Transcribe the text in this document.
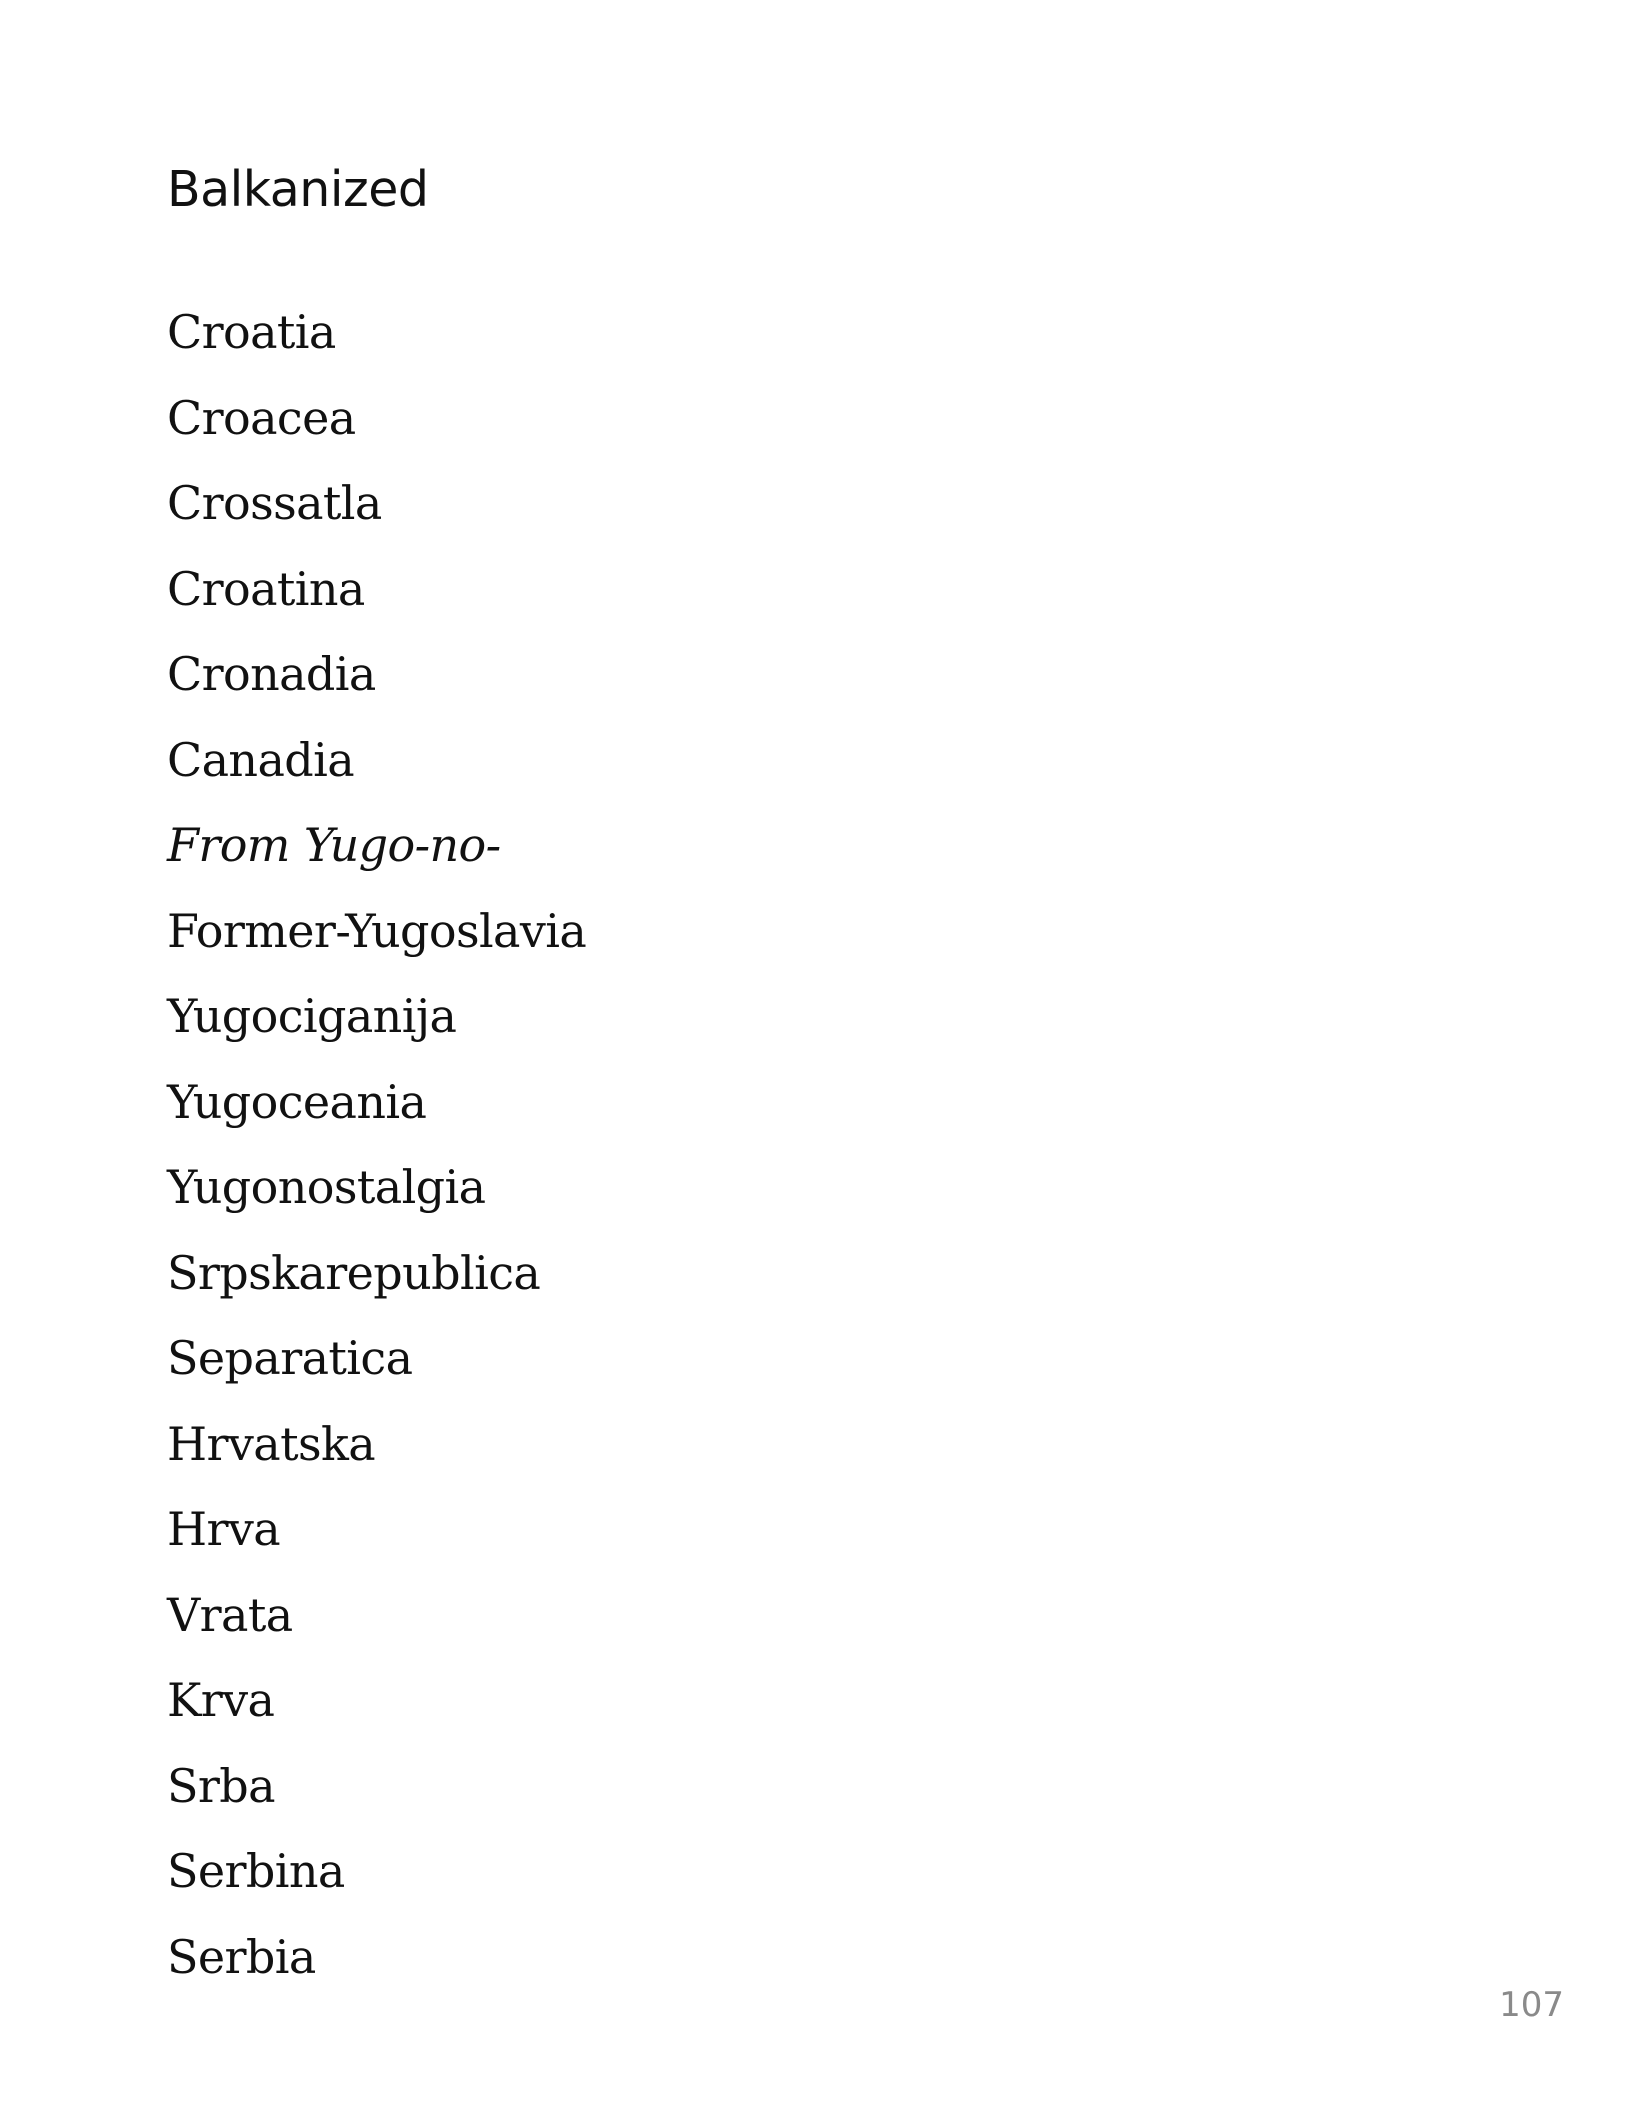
Balkanized
Croatia
Croacea
Crossatla
Croatina
Cronadia
Canadia
From Yugo-no-
Former-Yugoslavia
Yugociganija
Yugoceania
Yugonostalgia
Srpskarepublica
Separatica
Hrvatska
Hrva
Vrata
Krva
Srba
Serbina
Serbia
107
